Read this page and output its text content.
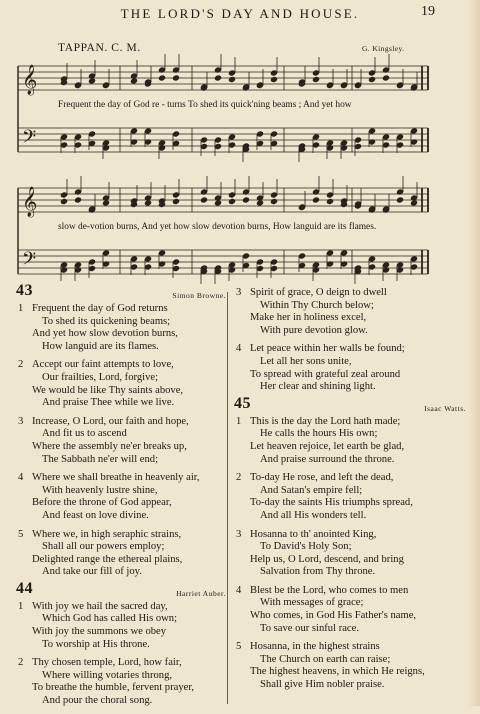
THE LORD'S DAY AND HOUSE.	19
TAPPAN. C. M.	G. Kingsley.
𝄞
𝄢
𝄞
𝄢
Frequent the day of God re - turns To shed its quick'ning beams ; And yet how
slow de-votion burns, And yet how slow devotion burns, How languid are its flames.
43	Simon Browne.
1 Frequent the day of God returns
To shed its quickening beams;
And yet how slow devotion burns,
How languid are its flames.
2 Accept our faint attempts to love,
Our frailties, Lord, forgive;
We would be like Thy saints above,
And praise Thee while we live.
3 Increase, O Lord, our faith and hope,
And fit us to ascend
Where the assembly ne'er breaks up,
The Sabbath ne'er will end;
4 Where we shall breathe in heavenly air,
With heavenly lustre shine,
Before the throne of God appear,
And feast on love divine.
5 Where we, in high seraphic strains,
Shall all our powers employ;
Delighted range the ethereal plains,
And take our fill of joy.
44	Harriet Auber.
1 With joy we hail the sacred day,
Which God has called His own;
With joy the summons we obey
To worship at His throne.
2 Thy chosen temple, Lord, how fair,
Where willing votaries throng,
To breathe the humble, fervent prayer,
And pour the choral song.
3 Spirit of grace, O deign to dwell
Within Thy Church below;
Make her in holiness excel,
With pure devotion glow.
4 Let peace within her walls be found;
Let all her sons unite,
To spread with grateful zeal around
Her clear and shining light.
45	Isaac Watts.
1 This is the day the Lord hath made;
He calls the hours His own;
Let heaven rejoice, let earth be glad,
And praise surround the throne.
2 To-day He rose, and left the dead,
And Satan's empire fell;
To-day the saints His triumphs spread,
And all His wonders tell.
3 Hosanna to th' anointed King,
To David's Holy Son;
Help us, O Lord, descend, and bring
Salvation from Thy throne.
4 Blest be the Lord, who comes to men
With messages of grace;
Who comes, in God His Father's name,
To save our sinful race.
5 Hosanna, in the highest strains
The Church on earth can raise;
The highest heavens, in which He reigns,
Shall give Him nobler praise.
